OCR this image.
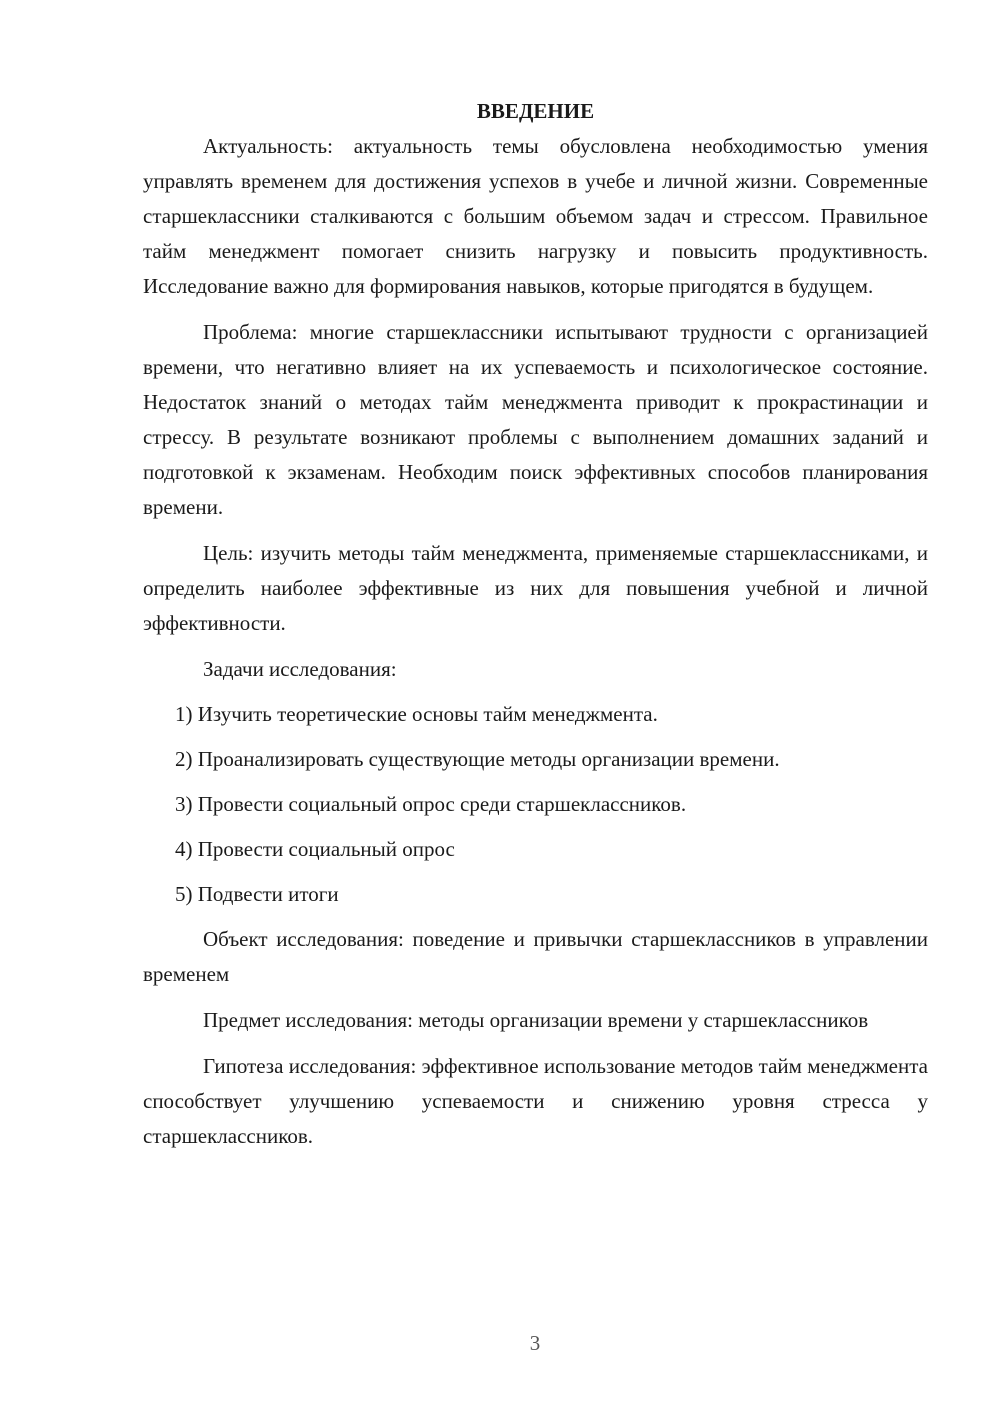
ВВЕДЕНИЕ

Актуальность: актуальность темы обусловлена необходимостью умения управлять временем для достижения успехов в учебе и личной жизни. Современные старшеклассники сталкиваются с большим объемом задач и стрессом. Правильное тайм менеджмент помогает снизить нагрузку и повысить продуктивность. Исследование важно для формирования навыков, которые пригодятся в будущем.

Проблема: многие старшеклассники испытывают трудности с организацией времени, что негативно влияет на их успеваемость и психологическое состояние. Недостаток знаний о методах тайм менеджмента приводит к прокрастинации и стрессу. В результате возникают проблемы с выполнением домашних заданий и подготовкой к экзаменам. Необходим поиск эффективных способов планирования времени.

Цель: изучить методы тайм менеджмента, применяемые старшеклассниками, и определить наиболее эффективные из них для повышения учебной и личной эффективности.

Задачи исследования:

1) Изучить теоретические основы тайм менеджмента.
2) Проанализировать существующие методы организации времени.
3) Провести социальный опрос среди старшеклассников.
4) Провести социальный опрос
5) Подвести итоги

Объект исследования: поведение и привычки старшеклассников в управлении временем

Предмет исследования: методы организации времени у старшеклассников

Гипотеза исследования: эффективное использование методов тайм менеджмента способствует улучшению успеваемости и снижению уровня стресса у старшеклассников.

3
